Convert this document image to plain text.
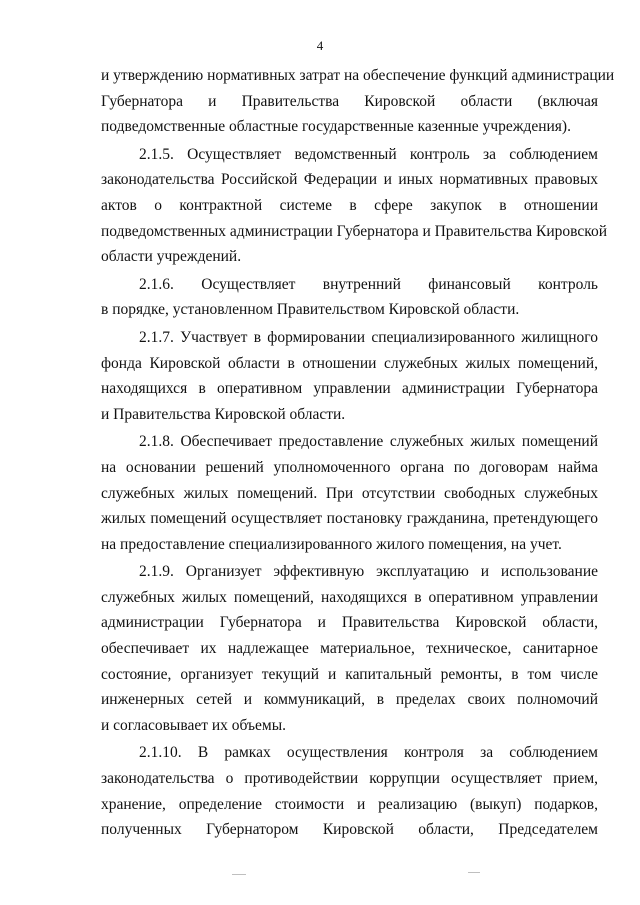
4

и утверждению нормативных затрат на обеспечение функций администрации
Губернатора и Правительства Кировской области (включая
подведомственные областные государственные казенные учреждения).

2.1.5. Осуществляет ведомственный контроль за соблюдением
законодательства Российской Федерации и иных нормативных правовых
актов о контрактной системе в сфере закупок в отношении
подведомственных администрации Губернатора и Правительства Кировской
области учреждений.

2.1.6. Осуществляет внутренний финансовый контроль
в порядке, установленном Правительством Кировской области.

2.1.7. Участвует в формировании специализированного жилищного
фонда Кировской области в отношении служебных жилых помещений,
находящихся в оперативном управлении администрации Губернатора
и Правительства Кировской области.

2.1.8. Обеспечивает предоставление служебных жилых помещений
на основании решений уполномоченного органа по договорам найма
служебных жилых помещений. При отсутствии свободных служебных
жилых помещений осуществляет постановку гражданина, претендующего
на предоставление специализированного жилого помещения, на учет.

2.1.9. Организует эффективную эксплуатацию и использование
служебных жилых помещений, находящихся в оперативном управлении
администрации Губернатора и Правительства Кировской области,
обеспечивает их надлежащее материальное, техническое, санитарное
состояние, организует текущий и капитальный ремонты, в том числе
инженерных сетей и коммуникаций, в пределах своих полномочий
и согласовывает их объемы.

2.1.10. В рамках осуществления контроля за соблюдением
законодательства о противодействии коррупции осуществляет прием,
хранение, определение стоимости и реализацию (выкуп) подарков,
полученных Губернатором Кировской области, Председателем
